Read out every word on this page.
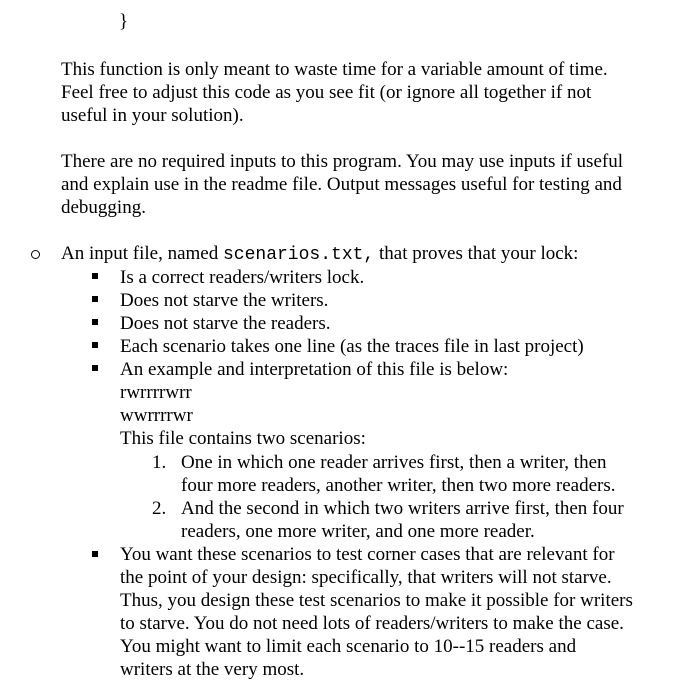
}
This function is only meant to waste time for a variable amount of time.
Feel free to adjust this code as you see fit (or ignore all together if not
useful in your solution).
There are no required inputs to this program. You may use inputs if useful
and explain use in the readme file. Output messages useful for testing and
debugging.
An input file, named scenarios.txt, that proves that your lock:
Is a correct readers/writers lock.
Does not starve the writers.
Does not starve the readers.
Each scenario takes one line (as the traces file in last project)
An example and interpretation of this file is below:
rwrrrrwrr
wwrrrrwr
This file contains two scenarios:
1. One in which one reader arrives first, then a writer, then
four more readers, another writer, then two more readers.
2. And the second in which two writers arrive first, then four
readers, one more writer, and one more reader.
You want these scenarios to test corner cases that are relevant for
the point of your design: specifically, that writers will not starve.
Thus, you design these test scenarios to make it possible for writers
to starve. You do not need lots of readers/writers to make the case.
You might want to limit each scenario to 10--15 readers and
writers at the very most.
